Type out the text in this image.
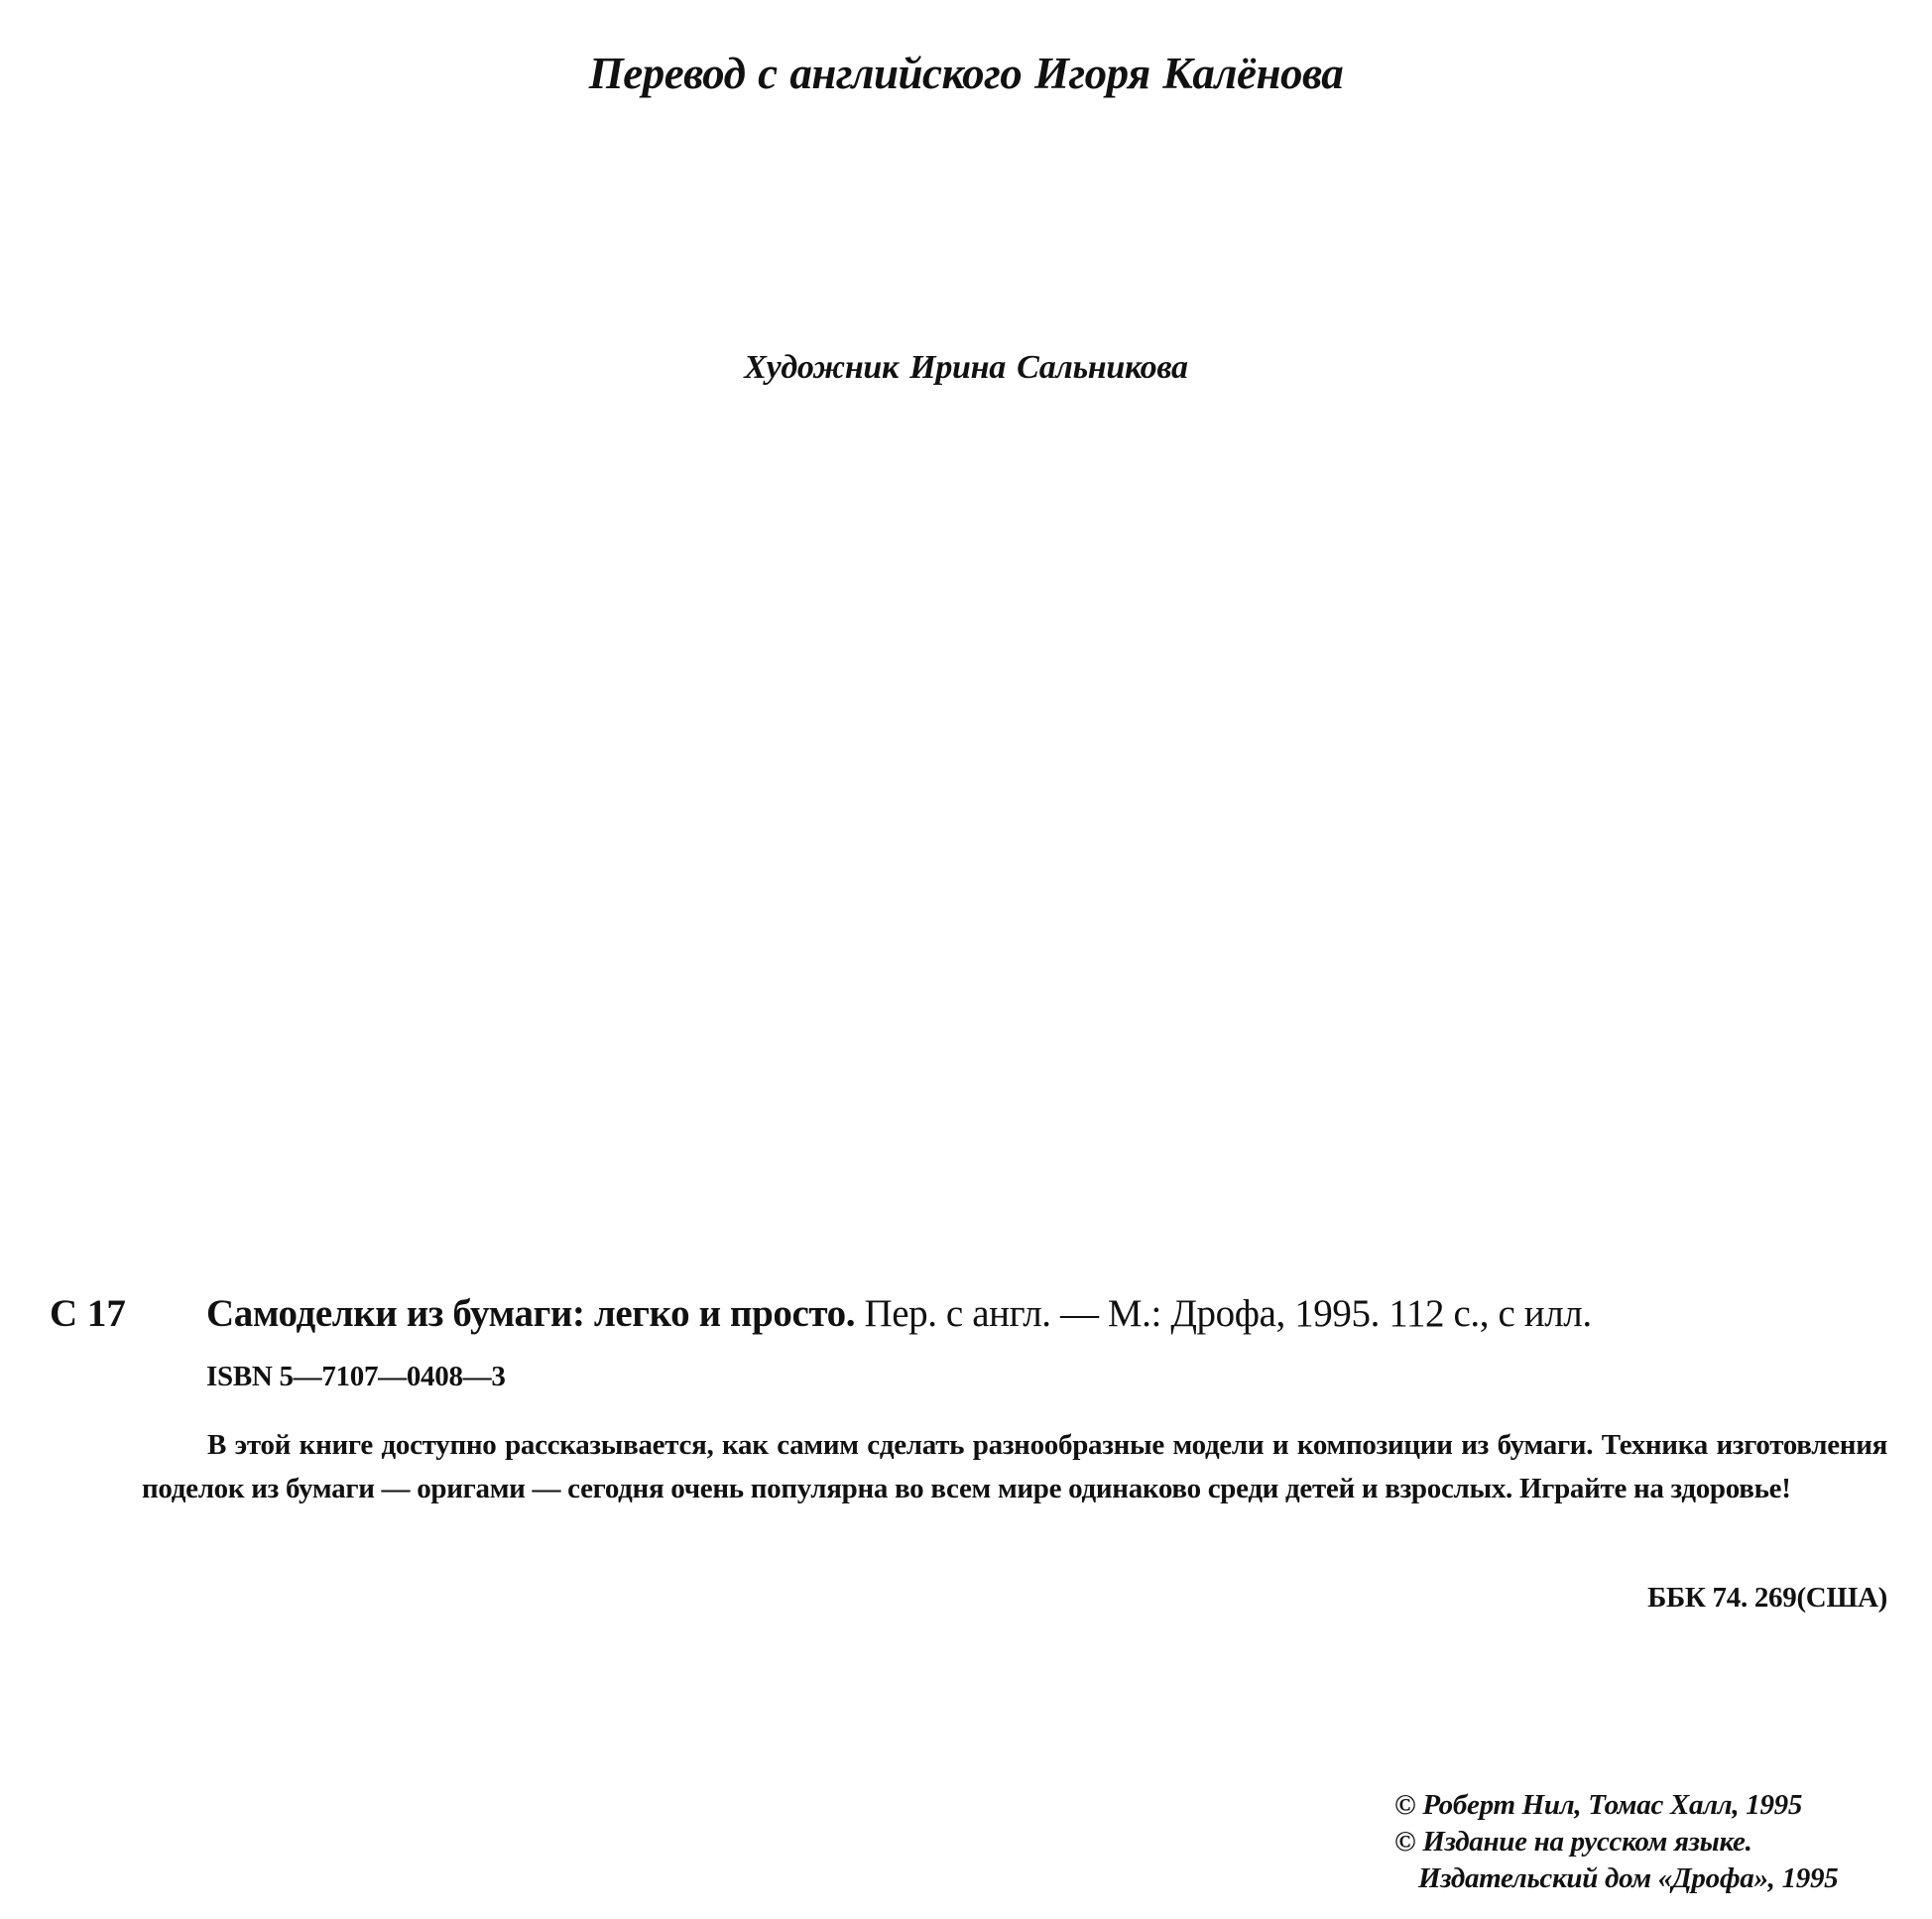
Перевод с английского Игоря Калёнова
Художник Ирина Сальникова
С 17 Самоделки из бумаги: легко и просто. Пер. с англ. — М.: Дрофа, 1995. 112 с., с илл.
ISBN 5—7107—0408—3
В этой книге доступно рассказывается, как самим сделать разнообразные модели и композиции из бумаги. Техника изготовления поделок из бумаги — оригами — сегодня очень популярна во всем мире одинаково среди детей и взрослых. Играйте на здоровье!
ББК 74. 269(США)
© Роберт Нил, Томас Халл, 1995
© Издание на русском языке.
Издательский дом «Дрофа», 1995
